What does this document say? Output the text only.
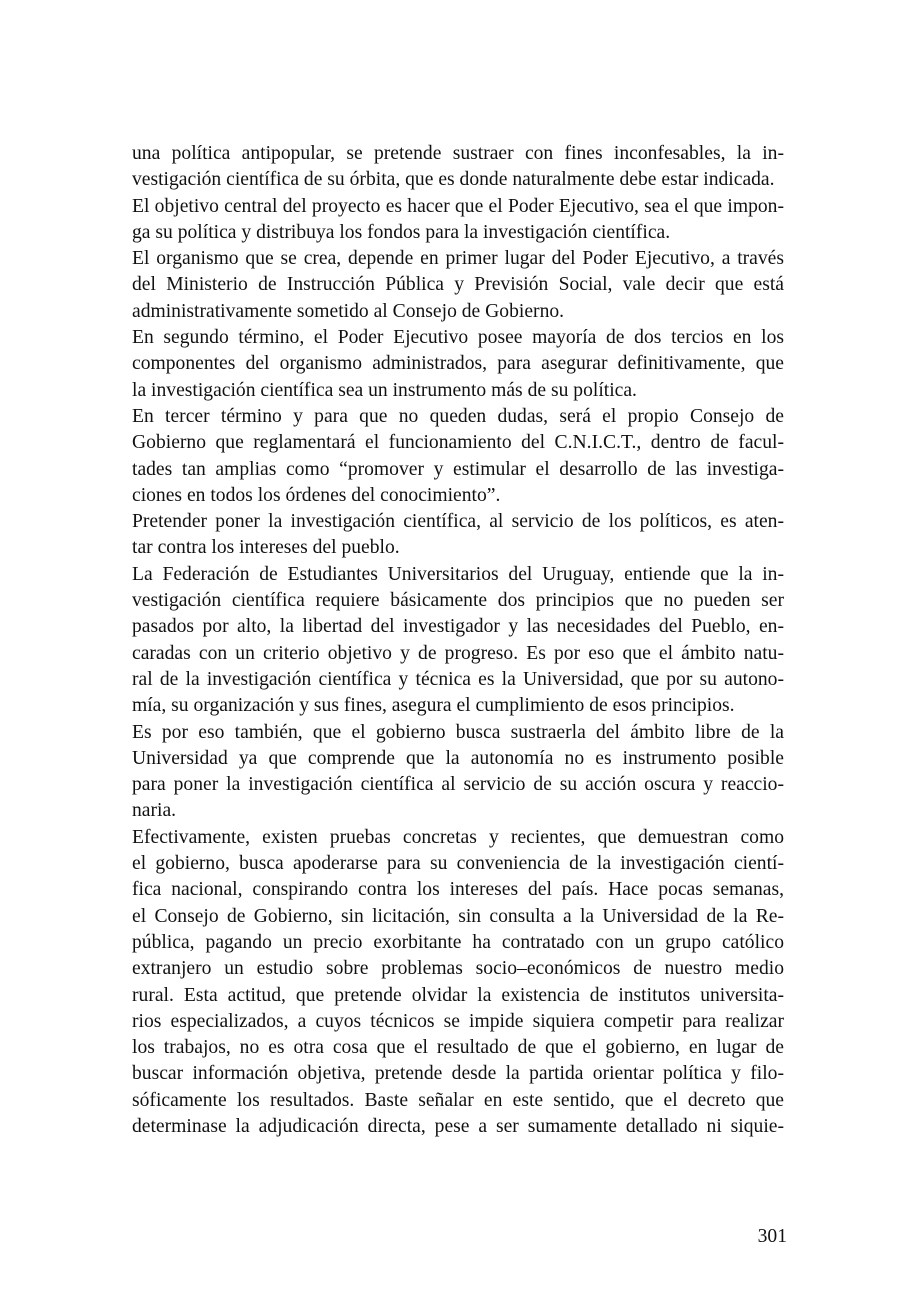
una política antipopular, se pretende sustraer con fines inconfesables, la in-
vestigación científica de su órbita, que es donde naturalmente debe estar indicada.
El objetivo central del proyecto es hacer que el Poder Ejecutivo, sea el que impon-
ga su política y distribuya los fondos para la investigación científica.
El organismo que se crea, depende en primer lugar del Poder Ejecutivo, a través
del Ministerio de Instrucción Pública y Previsión Social, vale decir que está
administrativamente sometido al Consejo de Gobierno.
En segundo término, el Poder Ejecutivo posee mayoría de dos tercios en los
componentes del organismo administrados, para asegurar definitivamente, que
la investigación científica sea un instrumento más de su política.
En tercer término y para que no queden dudas, será el propio Consejo de
Gobierno que reglamentará el funcionamiento del C.N.I.C.T., dentro de facul-
tades tan amplias como “promover y estimular el desarrollo de las investiga-
ciones en todos los órdenes del conocimiento”.
Pretender poner la investigación científica, al servicio de los políticos, es aten-
tar contra los intereses del pueblo.
La Federación de Estudiantes Universitarios del Uruguay, entiende que la in-
vestigación científica requiere básicamente dos principios que no pueden ser
pasados por alto, la libertad del investigador y las necesidades del Pueblo, en-
caradas con un criterio objetivo y de progreso. Es por eso que el ámbito natu-
ral de la investigación científica y técnica es la Universidad, que por su autono-
mía, su organización y sus fines, asegura el cumplimiento de esos principios.
Es por eso también, que el gobierno busca sustraerla del ámbito libre de la
Universidad ya que comprende que la autonomía no es instrumento posible
para poner la investigación científica al servicio de su acción oscura y reaccio-
naria.
Efectivamente, existen pruebas concretas y recientes, que demuestran como
el gobierno, busca apoderarse para su conveniencia de la investigación cientí-
fica nacional, conspirando contra los intereses del país. Hace pocas semanas,
el Consejo de Gobierno, sin licitación, sin consulta a la Universidad de la Re-
pública, pagando un precio exorbitante ha contratado con un grupo católico
extranjero un estudio sobre problemas socio–económicos de nuestro medio
rural. Esta actitud, que pretende olvidar la existencia de institutos universita-
rios especializados, a cuyos técnicos se impide siquiera competir para realizar
los trabajos, no es otra cosa que el resultado de que el gobierno, en lugar de
buscar información objetiva, pretende desde la partida orientar política y filo-
sóficamente los resultados. Baste señalar en este sentido, que el decreto que
determinase la adjudicación directa, pese a ser sumamente detallado ni siquie-
301
